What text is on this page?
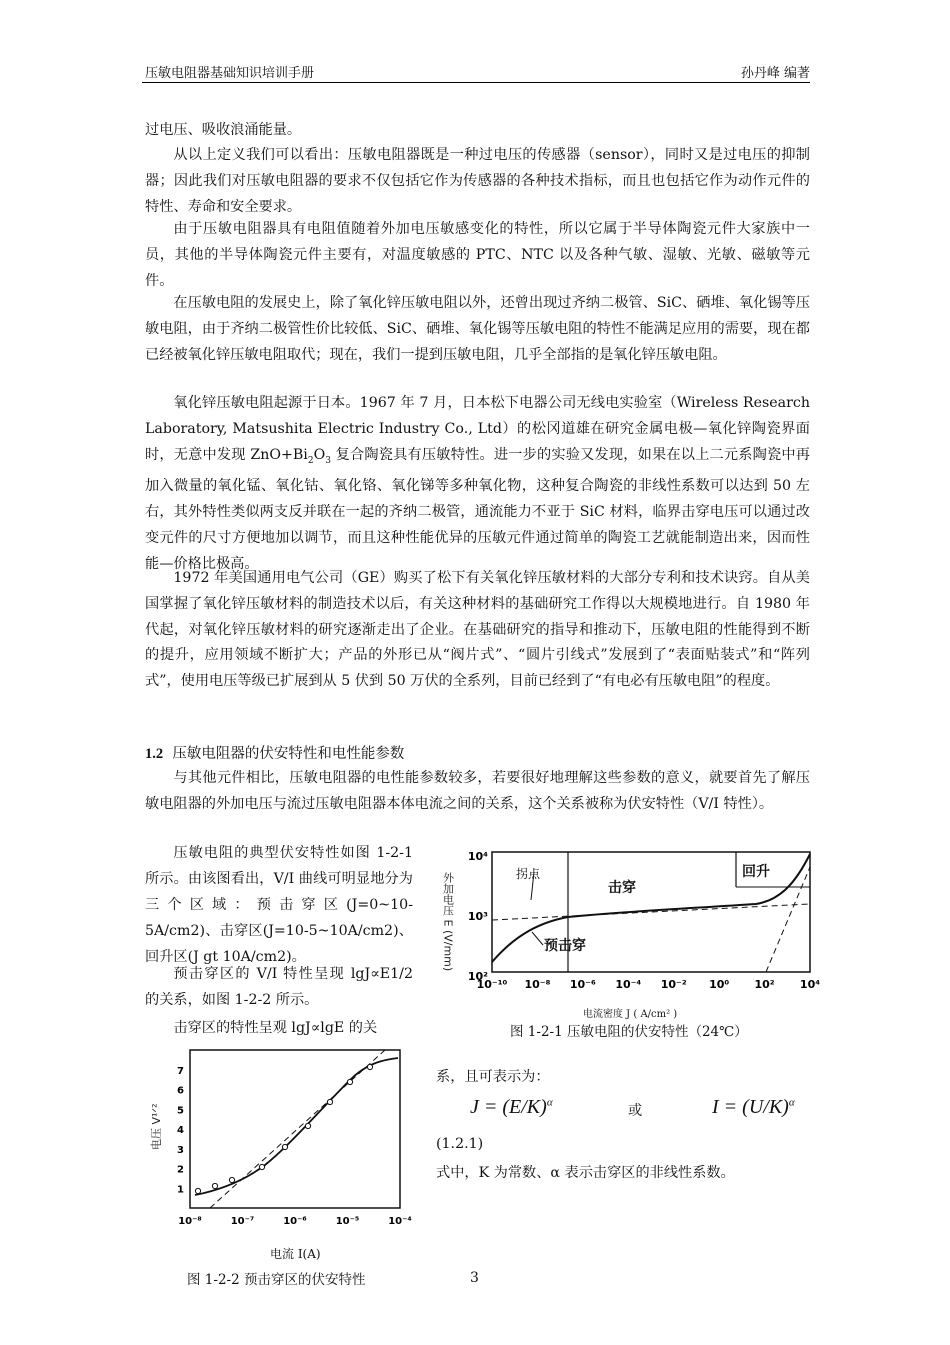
压敏电阻器基础知识培训手册	孙丹峰 编著
过电压、吸收浪涌能量。
从以上定义我们可以看出：压敏电阻器既是一种过电压的传感器（sensor），同时又是过电压的抑制器；因此我们对压敏电阻器的要求不仅包括它作为传感器的各种技术指标，而且也包括它作为动作元件的特性、寿命和安全要求。
由于压敏电阻器具有电阻值随着外加电压敏感变化的特性，所以它属于半导体陶瓷元件大家族中一员，其他的半导体陶瓷元件主要有，对温度敏感的 PTC、NTC 以及各种气敏、湿敏、光敏、磁敏等元件。
在压敏电阻的发展史上，除了氧化锌压敏电阻以外，还曾出现过齐纳二极管、SiC、硒堆、氧化锡等压敏电阻，由于齐纳二极管性价比较低、SiC、硒堆、氧化锡等压敏电阻的特性不能满足应用的需要，现在都已经被氧化锌压敏电阻取代；现在，我们一提到压敏电阻，几乎全部指的是氧化锌压敏电阻。
氧化锌压敏电阻起源于日本。1967 年 7 月，日本松下电器公司无线电实验室（Wireless Research Laboratory, Matsushita Electric Industry Co., Ltd）的松冈道雄在研究金属电极—氧化锌陶瓷界面时，无意中发现 $ZnO+Bi_2O_3$ 复合陶瓷具有压敏特性。进一步的实验又发现，如果在以上二元系陶瓷中再加入微量的氧化锰、氧化钴、氧化铬、氧化锑等多种氧化物，这种复合陶瓷的非线性系数可以达到 50 左右，其外特性类似两支反并联在一起的齐纳二极管，通流能力不亚于 SiC 材料，临界击穿电压可以通过改变元件的尺寸方便地加以调节，而且这种性能优异的压敏元件通过简单的陶瓷工艺就能制造出来，因而性能—价格比极高。
1972 年美国通用电气公司（GE）购买了松下有关氧化锌压敏材料的大部分专利和技术诀窍。自从美国掌握了氧化锌压敏材料的制造技术以后，有关这种材料的基础研究工作得以大规模地进行。自 1980 年代起，对氧化锌压敏材料的研究逐渐走出了企业。在基础研究的指导和推动下，压敏电阻的性能得到不断的提升，应用领域不断扩大；产品的外形已从“阀片式”、“圆片引线式”发展到了“表面贴装式”和“阵列式”，使用电压等级已扩展到从 5 伏到 50 万伏的全系列，目前已经到了“有电必有压敏电阻”的程度。
1.2 压敏电阻器的伏安特性和电性能参数
与其他元件相比，压敏电阻器的电性能参数较多，若要很好地理解这些参数的意义，就要首先了解压敏电阻器的外加电压与流过压敏电阻器本体电流之间的关系，这个关系被称为伏安特性（V/I 特性）。
压敏电阻的典型伏安特性如图 1-2-1 所示。由该图看出，V/I 曲线可明显地分为三个区域：预击穿区(J=0~10-5A/cm2)、击穿区(J=10-5~10A/cm2)、回升区(J gt 10A/cm2)。
预击穿区的 V/I 特性呈现 lgJ∝E1/2 的关系，如图 1-2-2 所示。
击穿区的特性呈观 lgJ∝lgE 的关
外加电压 E (V/mm)	拐点
击穿
回升
预击穿
10⁴
10³
10²
10⁻¹⁰ 10⁻⁸ 10⁻⁶ 10⁻⁴ 10⁻² 10⁰ 10² 10⁴
电流密度 J ( A/cm² )
图 1-2-1 压敏电阻的伏安特性（24℃）
电压 V¹ᐟ²
1
2
3
4
5
6
7
10⁻⁸	10⁻⁷	10⁻⁶	10⁻⁵	10⁻⁴
电流 I(A)
图 1-2-2 预击穿区的伏安特性
系，且可表示为：
$J = (E/K)^\alpha$
或	$I = (U/K)^\alpha$
(1.2.1)
式中，K 为常数、α 表示击穿区的非线性系数。
3
